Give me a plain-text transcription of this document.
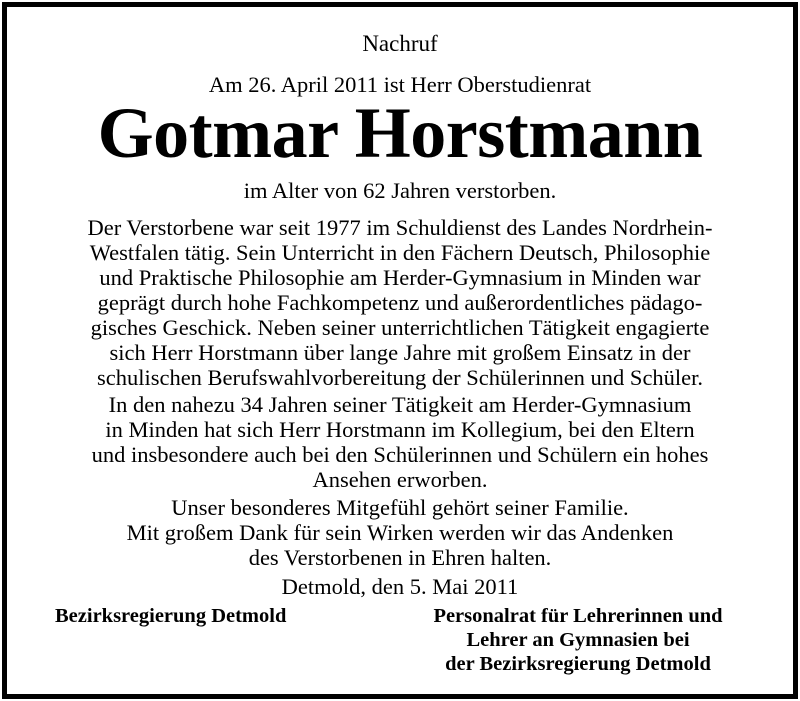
Nachruf
Am 26. April 2011 ist Herr Oberstudienrat
Gotmar Horstmann
im Alter von 62 Jahren verstorben.
Der Verstorbene war seit 1977 im Schuldienst des Landes Nordrhein-
Westfalen tätig. Sein Unterricht in den Fächern Deutsch, Philosophie
und Praktische Philosophie am Herder-Gymnasium in Minden war
geprägt durch hohe Fachkompetenz und außerordentliches pädago-
gisches Geschick. Neben seiner unterrichtlichen Tätigkeit engagierte
sich Herr Horstmann über lange Jahre mit großem Einsatz in der
schulischen Berufswahlvorbereitung der Schülerinnen und Schüler.
In den nahezu 34 Jahren seiner Tätigkeit am Herder-Gymnasium
in Minden hat sich Herr Horstmann im Kollegium, bei den Eltern
und insbesondere auch bei den Schülerinnen und Schülern ein hohes
Ansehen erworben.
Unser besonderes Mitgefühl gehört seiner Familie.
Mit großem Dank für sein Wirken werden wir das Andenken
des Verstorbenen in Ehren halten.
Detmold, den 5. Mai 2011
Bezirksregierung Detmold	Personalrat für Lehrerinnen und
Lehrer an Gymnasien bei
der Bezirksregierung Detmold
